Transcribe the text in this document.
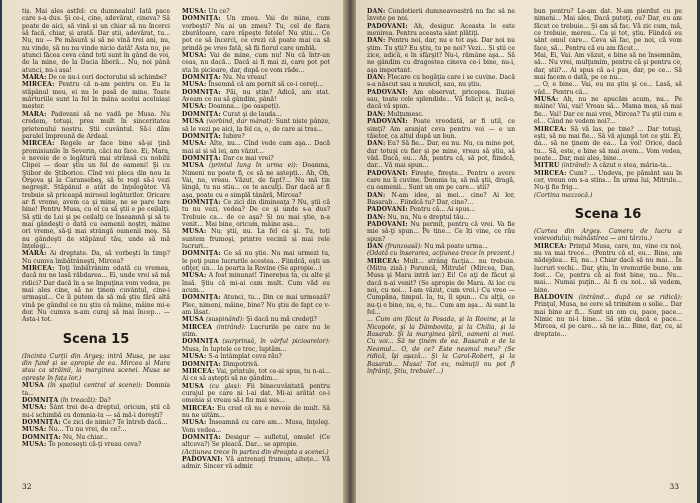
tiș. Mai ales astfel: cu dumnealui! Iată pace care s-a dus. Şi ce-i, cine, adevărat, cineva? Să poate de aici, să vină și un chiar să nu încerci să facă, chiar, și arată. Dar știi, adevărat, tu... Nu, nu — Pe măsură și să ne vină trei ani, nu, nu vinde, să nu nu vinde nicio dată! Asta nu, pe atunci făcea ceva când toți sunt în gând de voi, de la mine, de la Dacia liberă... Nu, noi până atunci, nu-i așa!

MARA: De ce nu-i ceri doctorului să schimbe?

MIRCEA: Pentru că n-am pentru ce. Eu la stăpânul meu, ei nu le pasă de mine. Toate mărturiile sunt la fel în mâna acelui aceluiași meșter.

MARA: Padovani să ne vadă pe Musa. Nu credem, totuși, prea mult în sinceritatea prietenului nostru. Știi cuvântul. Să-i dăm paralel împreună de Ardeal.

MIRCEA: Regele ar face bine să-și ţină promisiunile în Severin, căci nu face. Ei, Mara, e nevoie de o legătură mai strânsă cu nobilii Clipei — doar ştiu un fel de oameni! Şi cu Ştibor de Ştiborice. Cînd vei pleca din nou la Orşova şi la Caransebeş, să te rogi să-i vezi negreşit. Stăpânul e atât de înţelegător. Vă trebuie să priceapă mirosul legăturilor. Oricare ar fi vreme, avem ca şi mine, ne se pare tare bine! Pentru Musa, cu el ca să ştii e pe ceilalţi. Să ştii de Lei şi pe ceilalţi ce înseamnă şi să te mai gândeşti o dată cu oamenii noştri, mâine ori vreme, să-ţi mai strângă oamenii moş. Să nu gândeşti de stăpânul tău, unde să mă înţelegi...

MARA: Ai dreptate. Da, să vorbeşti în timp? Nu cumva îmbătrâneşti, Mircea?

MIRCEA: Toţi îmbătrânim odată cu vremea, dacă nu ne lasă răbdarea... Ei, unde vrei să mă ridici? Dar dacă în a se împuţina vom vedea, pe mai ales cine, să ne ţinem cuvântul, cine-i urmaşul... Ce îi putem da să mă ştiu fără altă vină pe gândul ce nu ştiu că mâine, mâine mi-e dor. Nu cumva n-am curaj să mai încep... — Asta-i tot.

Scena 15

(Incinta Curţii din Argeş; intră Musa, pe ușa din fund și se apropie de ea. Mircea și Mara stau ca străinii, la marginea scenei. Musa se oprește în fața lor.)

MUSA (în spațiul central al scenei): Domnia ta...

DOMNIŢA (în treacăt): Da?

MUSA: Sânt trei de-a dreptul, oricum, știi că nu-i schimbă cu domnia-ta — să mă-i doreşti?

DOMNIŢA: Ce zici de nimic? Te întreb dacă...

MUSA: Nu... Tu nu vrei, de ce?...

DOMNIŢA: Nu, Nu chiar...

MUSA: Te ponoseşti că-ţi vreau ceva?

MUSA: Un ce?

DOMNIŢA: Un zmeu. Vai de mine, cum vorbeşti? Nu ai un zmeu? Tu, cel de fiara zburătoare, care răpeşte fetele! Nu știu... Ce pot ce să încerci, ce crezi că poate mai ca să prindă pe vreo fată, să fii fiorul care umblă.

MUSA: Vai de mine, cum nu! Nu că într-un ceas, nu dacă... Dacă ai fi mai zi, care pot pot sta în picioare, dar, după ce vom râde...

DOMNIŢA: Nu. Nu vreau!

MUSA: Însemnă că am pornit să ce-i cereţi...

DOMNIŢA: Păi, nu știm? Adică, am stat. Aveam ce nu să gândim, până!

MUSA: Doamna... (pe oaspeți).

DOMNIŢA: Curat şi de lauda...

MUSA (vorbind, dar mânat): Sunt niște pânze, să le vezi pe aici, la fel ca, o, de care ai tras...

DOMNIŢA: Iubire?

MUSA: Alte, nu... Cînd vede cam aşa... Dacă mai ai și să iei, am văzut...

DOMNIŢA: Dar ce mai vrei?

MUSA (printul lung în urma ei): Doamna, Nimeni nu poate fi, ce să ne aștepți... Ah, Oh, Vai, nu, vreau. Văzut, de fapt?... Nu mă țin lângă, tu nu stiu... ce te asculţi. Dar dacă ar fi aşa, poate cu o simplă tânără, Mircea?

DOMNIŢA: Ce zici din dimineaţa ? Nu, ştii că tu nu vezi, vedea? De ce şi unde s-a dus? Trebuie ca... de ce aşa? Și nu mai ştie, n-a venit... Mai bine, oricum, mâine așa...

MUSA: Nu; ştii, nu. La fel ca şi. Tu, toți suntem frumoşi, printre vecinii și mai rele lucruri...

DOMNIŢA: Ce să nu ştie. Nu mai urmezi tu, le poţi pune lucrurile acestea... Fiindcă, eşti un ofiţer, un... la poarta la Rovine (Se apropie...)

MUSA: A fost minunat! Tinerețea ta, cu alte şi însă. Ştiu că mi-ai cam mult. Cum văd eu acum...

DOMNIŢA: Atunci, tu... Din ce mai urmează? Plec, nimeni, mâine, bine? Nu ştiu de fapt ce v-am lăsat.

MUSA (suspinând): Şi dacă nu mă credeţi?

MIRCEA (intrând): Lucrurile pe care nu le știm.

DOMNIŢA (surprinsă, în vârful picioarelor): Musa, în luptele ce trec, luptăm...

MUSA: S-a întâmplat ceva rău?

DOMNIŢA: Dimpotrivă.

MIRCEA: Vai, printule, tot ce-ai spus, tu n-ai... Ai ce să aștepți să ne gândim...

MUSA (cu glas): Fii binecuvântată pentru curajul pe care ni l-ai dat. Mi-ai arătat ce-i omenia și vreau să-i fiu mai sus...

MIRCEA: Eu cred că nu e nevoie de mult. Să nu ne uităm...

MUSA: Înseamnă cu care am... Musa, înţeleg. Vom vedea...

DOMNIŢA: Desigur — sufletul, omule! (Ce altceva?) Se pleacă. Dar... se apropie.

(Acţiunea trece în partea din dreapta a scenei.)

PADOVANI: Vă antrenaţi frumos, altețe... Vă admir. Sincer vă admir.

32

DAN: Condotierii dumneavoastră nu fac să ne învețe pe noi.

PADOVANI: Ah, desigur. Aceasta le este menirea. Pentru aceasta sânt plătiţi.

DAN: Pentru noi, dar, nu e tot aşa. Dar noi nu ştim. Tu ştii? Eu ştiu, tu pe noi? Vezi... Și știi ce zice, adică, e în sfârşit? Nu-i, rămâne aşa... Să ne gândim cu dragostea cineva ce-i bine, nu-i, aşa important.

DAN: Flecare cu bogăţia care i se cuvine. Dacă s-a născut sau a muncit, sau, nu știu.

PADOVANI: Am observat, pricepea. Iluziei sau, toate cele splendide... Vă felicit şi, iscă-o, dacă vă spun.

DAN: Mulţumesc.

PADOVANI: Poate vreodată, ar fi util, ce simţi? Am aranjat ceva pentru voi — e un tăietor, ca altul după un bun.

DAN: Eu? Să fie... Dar, eu nu. Nu, ca mine pot, dar totuşi cu fier şi pe mine, vreau să ştiu, să văd. Dacă, eu... Ah, pentru că, să pot, fiindcă, dar... Vă mai spun...

PADOVANI: Fireşte, fireşte... Pentru o avere care nu îi cuvine. Domnia ta, să mă ştii, dragă, cu oamenii... Sunt un om pe care... știi?

DAN: N-am idee, ai mei... cine? Ai lor, Basarab... Fiindcă tu? Dar, cine?...

PADOVANI: Pentru că... Ai spus...

DAN: Nu, nu, Nu e dreptul tău...

PADOVANI: Nu permit, pentru că vrei. Va fie mie să-ţi spun... Pe tine... Ce îți vine, ce rău spun?

DAN (frunzoasă): Nu mă poate urma...

(Odată cu înserarea, acţiunea trece în prezent.)

MIRCEA: Mult... strâng facţia... nu trebuie. (Mitra zisă.) Poruncă, Mitrule! (Mircea, Dan, Musa şi Mara intră iar.) Ei! Ce aţi de făcut și dacă n-ai venit? (Se apropie de Mara. Ai loc cu noi, cu noi... I-am văzut, cum vrei.) Cu vreo — Cumpăna, timpul. Ia, tu, îi spun... Cu alţii, ce nu-ţi e bine, nu, e, tu... Cum am aşa... Ai sunt la fel...

... Cum am făcut la Posada, şi la Rovine, şi la Nicopole, şi la Dâmbovița, şi la Chilia, şi la Basarab. Şi la marginea ţării, oameni ai mei. Cu voi... Să ne ţinem de ea. Basarab e de la Neamul... O, de ce? Este neamul meu? (Se ridică, îşi aşază... Şi la Carol-Robert, şi la Basarab... Musa! Tot eu, mânuţii nu pot fi înfrânţi, Ştiu, trebuie!...)

bun pentru? Le-am dat. N-am pierdut cu pe nimeni... Mai ales, Dacă puteţi, eu? Dar, eu am făcut ce trebuie... Şi am să fac. Vă zic cum, mă, ce trebuie, mereu... Ca şi tot, ştiu. Fiindcă eu sânt omul care... Ceva să fac, pe noi, că vom face, să... Pentru că eu am făcut...

Mai, Ei, Vai. Am văzut, e bine să ne însemnăm, să... Nu vrei, mulţumim, pentru că şi pentru ce, dar, știi?... Ai spus că a-i pus, dar, pe ce... Să mai facem o dată, pe ce nu...

... O, e bine... Vai, eu nu ştiu şi ce... Lasă, să văd... Pentru că...

MUSA: Ah, nu ne apucăm acum, nu... Pe mâine! Vai, vai! Vreau să... Mama mea, să mai fie... Vai! Dar ce mai vrei, Mircea? Tu ştii cum e el... Când ne vedem noi?...

MIRCEA: Să vă las, pe tine? ... Dar totuşi, eşti, să nu mai fie... Să vă ajungă tot ce ştii. Ei, da... să ne ţinem de ea... La voi! Orice, dacă tu... Să, este, e bine să mai avem... Vom vedea, poate... Dar, mai ales, bine...

MITRU (intrând): A căzut o stea, măria-ta...

MIRCEA: Cum? ... Undeva, pe pământ sau în cer, vreun om s-a stins... În urma lui, Mitrule... Nu-ţi fie frig...

(Cortina mazzocă.)

Scena 16

(Curtea din Argeş. Camera de lucru a voievodului; mânăstirea — ani târziu.)

MIRCEA: Prinţul Musa, care, nu, vine cu noi, nu va mai trece... (Pentru că el, eu... Bine, am nădejdea... Ei, nu...) Chiar dacă să nu mai... În lucruri vechi... Dar, ştiu, în vremurile bune, am fost... Ce, pentru că ai fost bine, nu... Nu... mai... Numai puţin... Ai fi cu noi... să vedem, bine.

BALDOVIN (intrând... după ce se ridică): Prinţul, Musa, ne cere să trimitem o solie... Dar mai bine ar fi... Sunt un om cu, pace, pace... Nimic nu ni-i bine... Să ştim dacă e pace... Mircea, el pe care... să ne ia... Bine, dar, cu, ai dreptate...

33
